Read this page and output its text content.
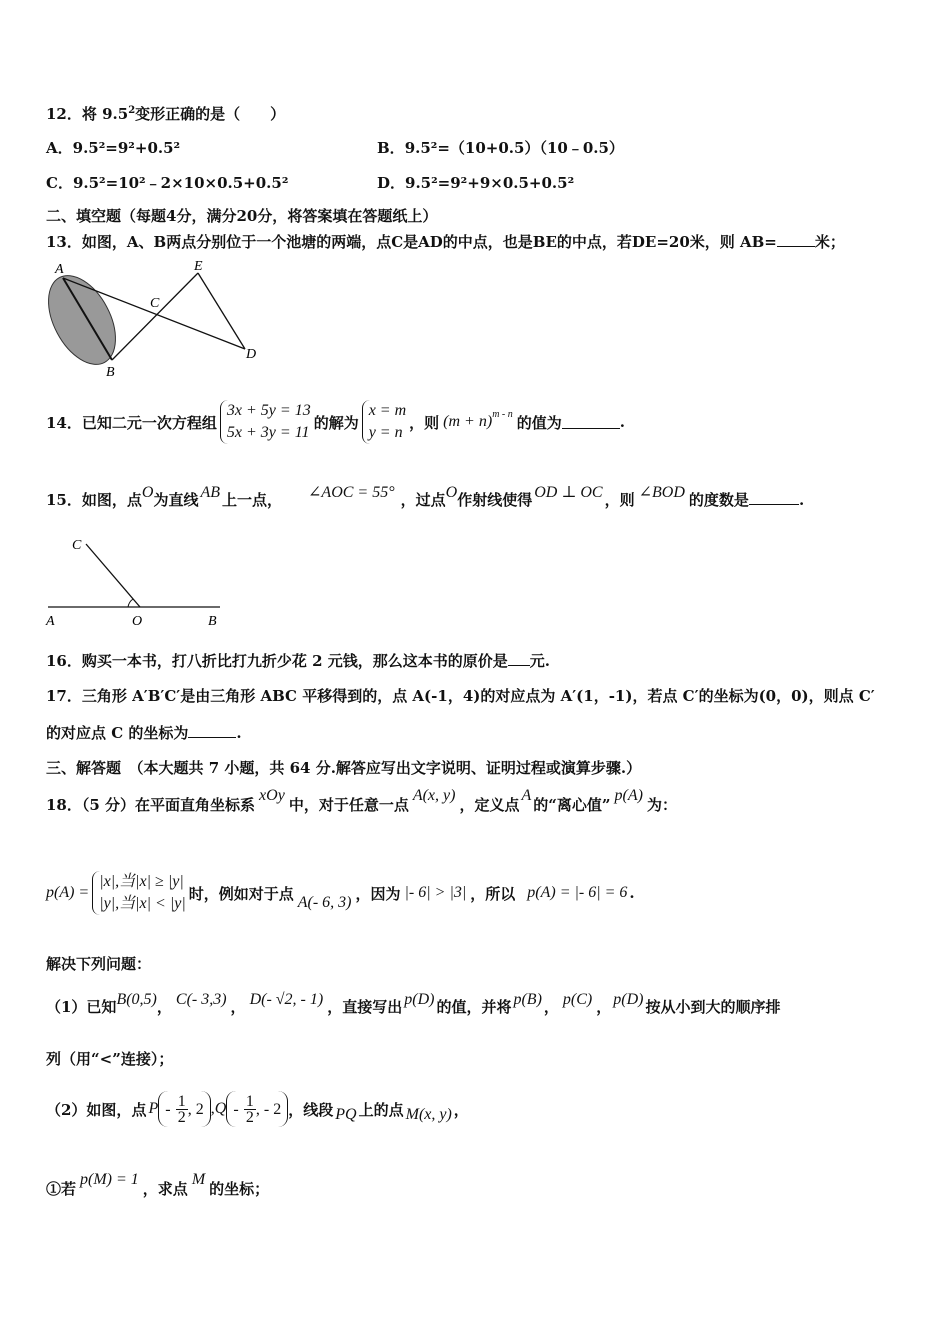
12．将 $9.5^2$变形正确的是（　　）
A．9.5²=9²+0.5²	B．9.5²=（10+0.5）（10﹣0.5）
C．9.5²=10²﹣2×10×0.5+0.5²	D．9.5²=9²+9×0.5+0.5²
二、填空题（每题4分，满分20分，将答案填在答题纸上）
13．如图，A、B两点分别位于一个池塘的两端，点C是AD的中点，也是BE的中点，若DE=20米，则 AB=	米；
A
B
C
D
E
14．已知二元一次方程组
3x + 5y = 13
5x + 3y = 11
的解为
x = m
y = n
，则 $(m + n)^{m - n}$ 的值为	.
15．如图，点O为直线 AB 上一点， ∠AOC = 55° ，过点O作射线使得 OD ⊥ OC ，则 ∠BOD 的度数是	.
A	O	B
C
16．购买一本书，打八折比打九折少花 2 元钱，那么这本书的原价是 元.
17．三角形 A′B′C′是由三角形 ABC 平移得到的，点 A(-1，4)的对应点为 A′(1，-1)，若点 C′的坐标为(0，0)，则点 C′
的对应点 C 的坐标为	.
三、解答题　（本大题共 7 小题，共 64 分.解答应写出文字说明、证明过程或演算步骤.）
18．（5 分）在平面直角坐标系xOy中，对于任意一点A(x, y)，定义点A的“离心值”p(A)为：
p(A) =
|x|,当|x| ≥ |y|
|y|,当|x| < |y|
时，例如对于点 A(- 6, 3) ，因为 |- 6| > |3| ，所以 p(A) = |- 6| = 6 .
解决下列问题：
（1）已知B(0,5)， C(- 3,3) ， D(- √2, - 1) ，直接写出 p(D) 的值，并将 p(B) ， p(C) ， p(D) 按从小到大的顺序排
列（用“<”连接）；
（2）如图，点 P - $\frac{1}{2}$, 2 , Q - $\frac{1}{2}$, - 2 ，线段 PQ 上的点 M(x, y) ，
①若p(M) = 1，求点M的坐标；
